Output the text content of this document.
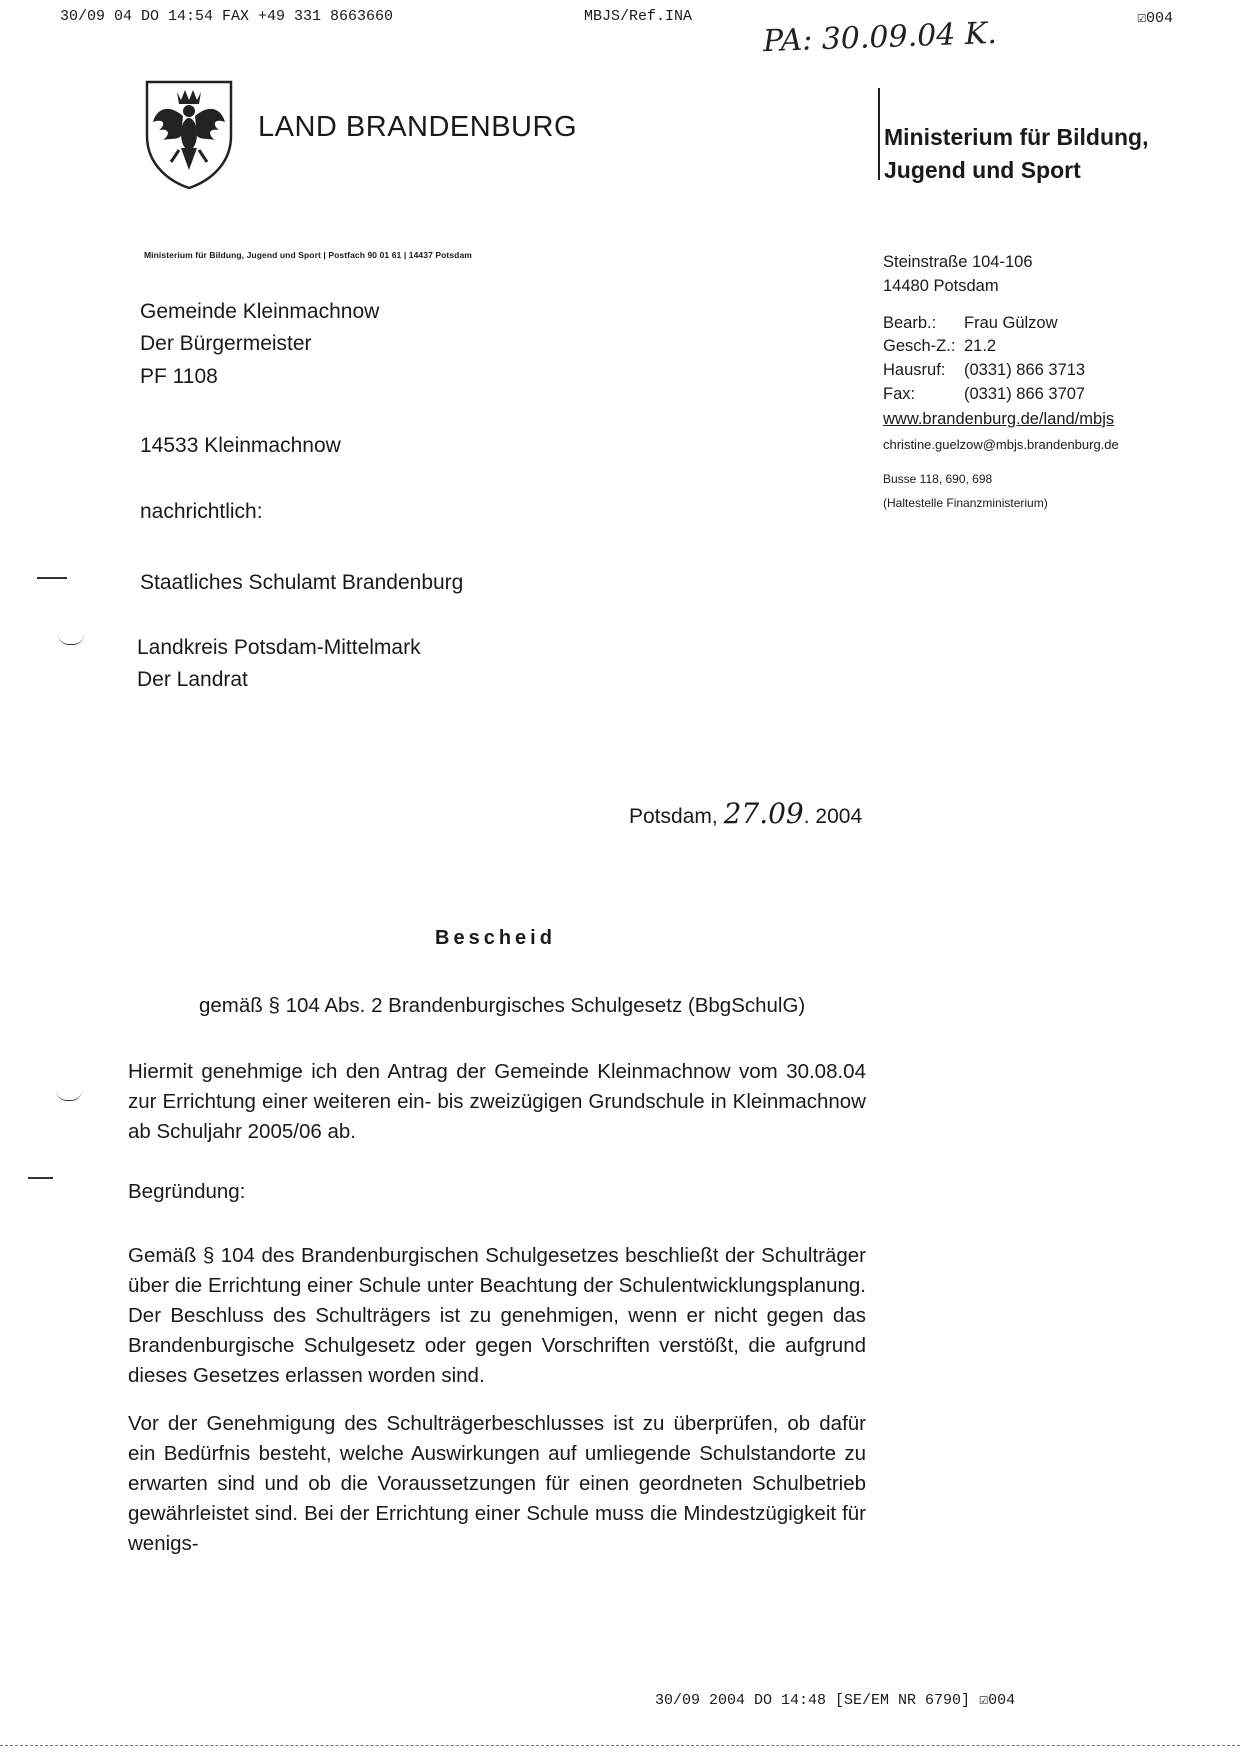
30/09 04 DO 14:54 FAX +49 331 8663660	MBJS/Ref.INA	☑004
PA: 30.09.04 K.
LAND BRANDENBURG	Ministerium für Bildung,
Jugend und Sport
Ministerium für Bildung, Jugend und Sport | Postfach 90 01 61 | 14437 Potsdam
Gemeinde Kleinmachnow
Der Bürgermeister
PF 1108
14533 Kleinmachnow
nachrichtlich:
Staatliches Schulamt Brandenburg
Landkreis Potsdam-Mittelmark
Der Landrat
Steinstraße 104-106
14480 Potsdam
Bearb.: Frau Gülzow
Gesch-Z.: 21.2
Hausruf: (0331) 866 3713
Fax:	(0331) 866 3707
www.brandenburg.de/land/mbjs
christine.guelzow@mbjs.brandenburg.de
Busse 118, 690, 698
(Haltestelle Finanzministerium)
Potsdam, 27.09. 2004
Bescheid
gemäß § 104 Abs. 2 Brandenburgisches Schulgesetz (BbgSchulG)
Hiermit genehmige ich den Antrag der Gemeinde Kleinmachnow vom 30.08.04 zur Errichtung einer weiteren ein- bis zweizügigen Grundschule in Kleinmachnow ab Schuljahr 2005/06 ab.
Begründung:
Gemäß § 104 des Brandenburgischen Schulgesetzes beschließt der Schulträger über die Errichtung einer Schule unter Beachtung der Schulentwicklungsplanung. Der Beschluss des Schulträgers ist zu genehmigen, wenn er nicht gegen das Brandenburgische Schulgesetz oder gegen Vorschriften verstößt, die aufgrund dieses Gesetzes erlassen worden sind.
Vor der Genehmigung des Schulträgerbeschlusses ist zu überprüfen, ob dafür ein Bedürfnis besteht, welche Auswirkungen auf umliegende Schulstandorte zu erwarten sind und ob die Voraussetzungen für einen geordneten Schulbetrieb gewährleistet sind. Bei der Errichtung einer Schule muss die Mindestzügigkeit für wenigs-
30/09 2004 DO 14:48 [SE/EM NR 6790] ☑004
